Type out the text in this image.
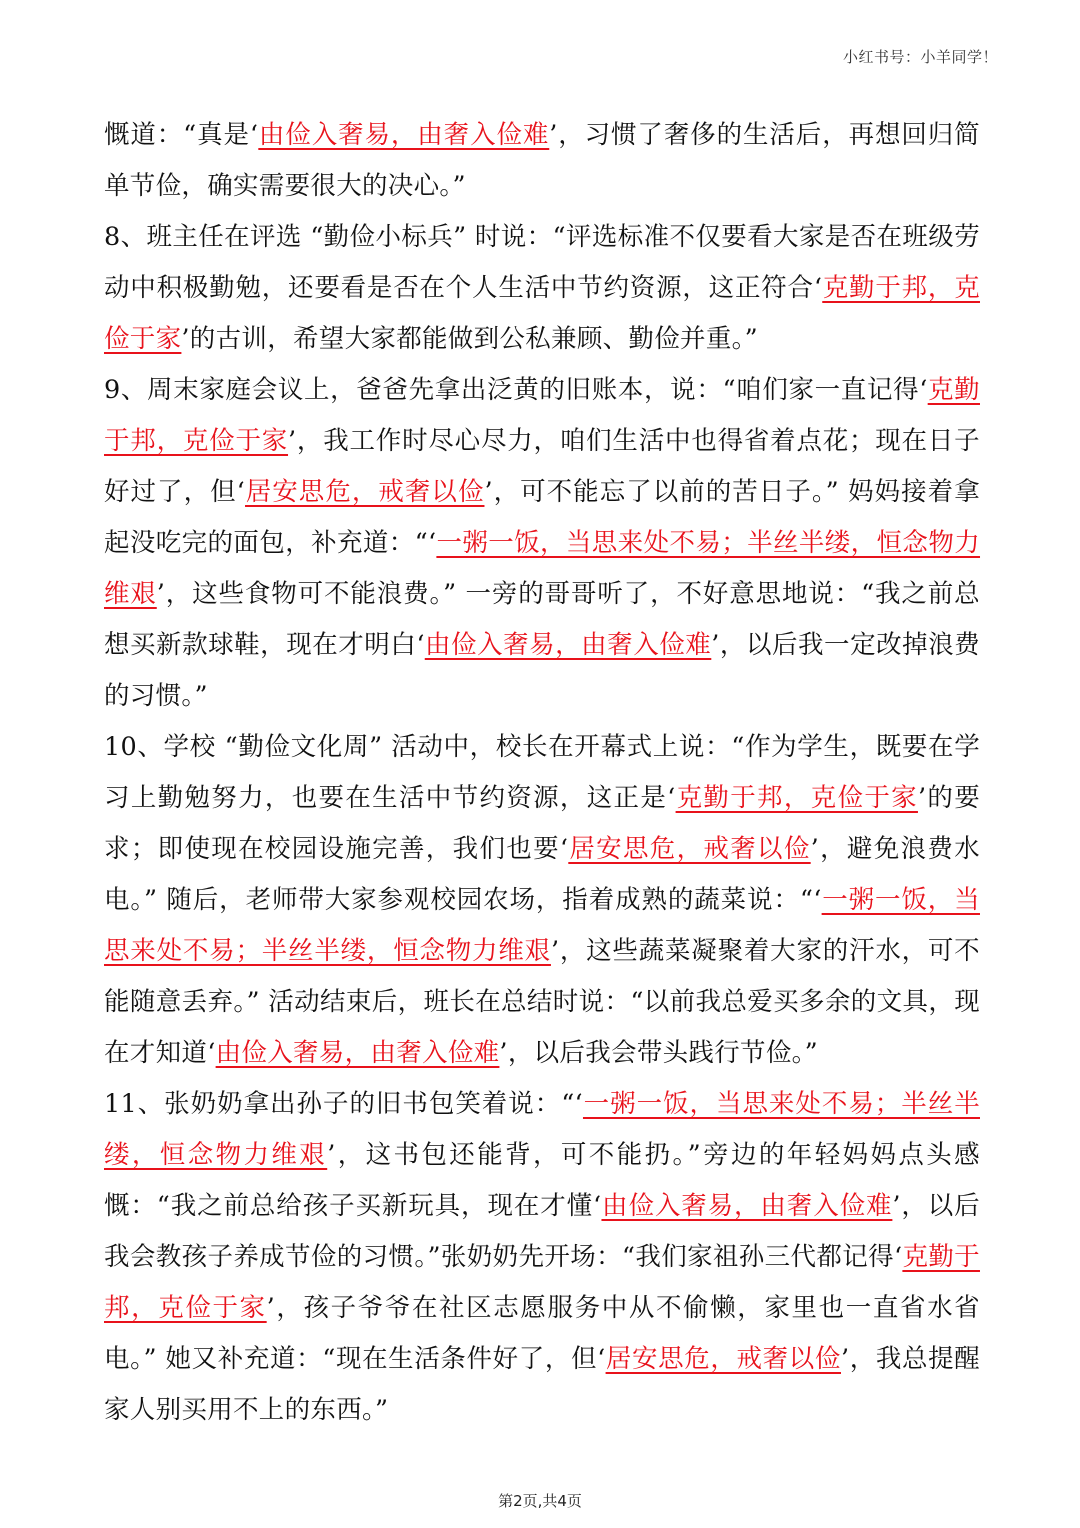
小红书号：小羊同学！

慨道：“真是‘由俭入奢易，由奢入俭难’，习惯了奢侈的生活后，再想回归简单节俭，确实需要很大的决心。”

8、班主任在评选 “勤俭小标兵” 时说：“评选标准不仅要看大家是否在班级劳动中积极勤勉，还要看是否在个人生活中节约资源，这正符合‘克勤于邦，克俭于家’的古训，希望大家都能做到公私兼顾、勤俭并重。”

9、周末家庭会议上，爸爸先拿出泛黄的旧账本，说：“咱们家一直记得‘克勤于邦，克俭于家’，我工作时尽心尽力，咱们生活中也得省着点花；现在日子好过了，但‘居安思危，戒奢以俭’，可不能忘了以前的苦日子。” 妈妈接着拿起没吃完的面包，补充道：“‘一粥一饭，当思来处不易；半丝半缕，恒念物力维艰’，这些食物可不能浪费。” 一旁的哥哥听了，不好意思地说：“我之前总想买新款球鞋，现在才明白‘由俭入奢易，由奢入俭难’，以后我一定改掉浪费的习惯。”

10、学校 “勤俭文化周” 活动中，校长在开幕式上说：“作为学生，既要在学习上勤勉努力，也要在生活中节约资源，这正是‘克勤于邦，克俭于家’的要求；即使现在校园设施完善，我们也要‘居安思危，戒奢以俭’，避免浪费水电。” 随后，老师带大家参观校园农场，指着成熟的蔬菜说：“‘一粥一饭，当思来处不易；半丝半缕，恒念物力维艰’，这些蔬菜凝聚着大家的汗水，可不能随意丢弃。” 活动结束后，班长在总结时说：“以前我总爱买多余的文具，现在才知道‘由俭入奢易，由奢入俭难’，以后我会带头践行节俭。”

11、张奶奶拿出孙子的旧书包笑着说：“‘一粥一饭，当思来处不易；半丝半缕，恒念物力维艰’，这书包还能背，可不能扔。”旁边的年轻妈妈点头感慨：“我之前总给孩子买新玩具，现在才懂‘由俭入奢易，由奢入俭难’，以后我会教孩子养成节俭的习惯。”张奶奶先开场：“我们家祖孙三代都记得‘克勤于邦，克俭于家’，孩子爷爷在社区志愿服务中从不偷懒，家里也一直省水省电。” 她又补充道：“现在生活条件好了，但‘居安思危，戒奢以俭’，我总提醒家人别买用不上的东西。”

第2页,共4页
